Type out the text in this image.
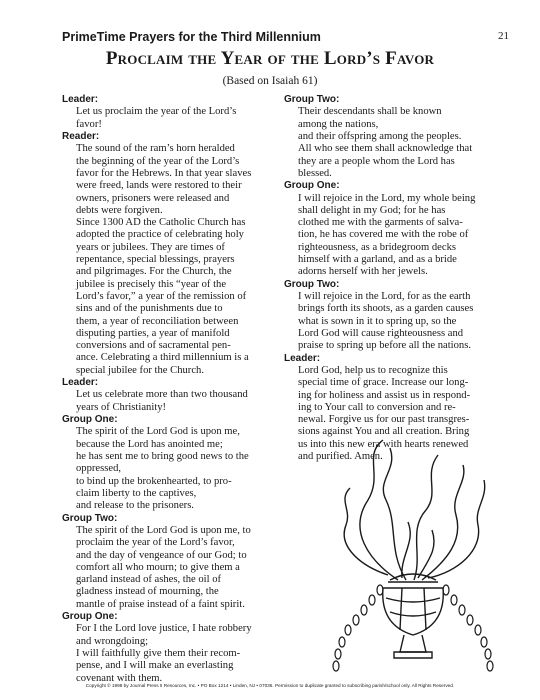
PrimeTime Prayers for the Third Millennium	21
Proclaim the Year of the Lord’s Favor
(Based on Isaiah 61)
Leader:
Let us proclaim the year of the Lord’s
favor!
Reader:
The sound of the ram’s horn heralded
the beginning of the year of the Lord’s
favor for the Hebrews. In that year slaves
were freed, lands were restored to their
owners, prisoners were released and
debts were forgiven.
Since 1300 AD the Catholic Church has
adopted the practice of celebrating holy
years or jubilees. They are times of
repentance, special blessings, prayers
and pilgrimages. For the Church, the
jubilee is precisely this “year of the
Lord’s favor,” a year of the remission of
sins and of the punishments due to
them, a year of reconciliation between
disputing parties, a year of manifold
conversions and of sacramental pen-
ance. Celebrating a third millennium is a
special jubilee for the Church.
Leader:
Let us celebrate more than two thousand
years of Christianity!
Group One:
The spirit of the Lord God is upon me,
because the Lord has anointed me;
he has sent me to bring good news to the
oppressed,
to bind up the brokenhearted, to pro-
claim liberty to the captives,
and release to the prisoners.
Group Two:
The spirit of the Lord God is upon me, to
proclaim the year of the Lord’s favor,
and the day of vengeance of our God; to
comfort all who mourn; to give them a
garland instead of ashes, the oil of
gladness instead of mourning, the
mantle of praise instead of a faint spirit.
Group One:
For I the Lord love justice, I hate robbery
and wrongdoing;
I will faithfully give them their recom-
pense, and I will make an everlasting
covenant with them.
Group Two:
Their descendants shall be known
among the nations,
and their offspring among the peoples.
All who see them shall acknowledge that
they are a people whom the Lord has
blessed.
Group One:
I will rejoice in the Lord, my whole being
shall delight in my God; for he has
clothed me with the garments of salva-
tion, he has covered me with the robe of
righteousness, as a bridegroom decks
himself with a garland, and as a bride
adorns herself with her jewels.
Group Two:
I will rejoice in the Lord, for as the earth
brings forth its shoots, as a garden causes
what is sown in it to spring up, so the
Lord God will cause righteousness and
praise to spring up before all the nations.
Leader:
Lord God, help us to recognize this
special time of grace. Increase our long-
ing for holiness and assist us in respond-
ing to Your call to conversion and re-
newal. Forgive us for our past transgres-
sions against You and all creation. Bring
us into this new era with hearts renewed
and purified. Amen.
Copyright © 1998 by Journal Press II Resources, Inc. • PO Box 1214 • Linden, NJ • 07036. Permission to duplicate granted to subscribing parish/school only. All Rights Reserved.
